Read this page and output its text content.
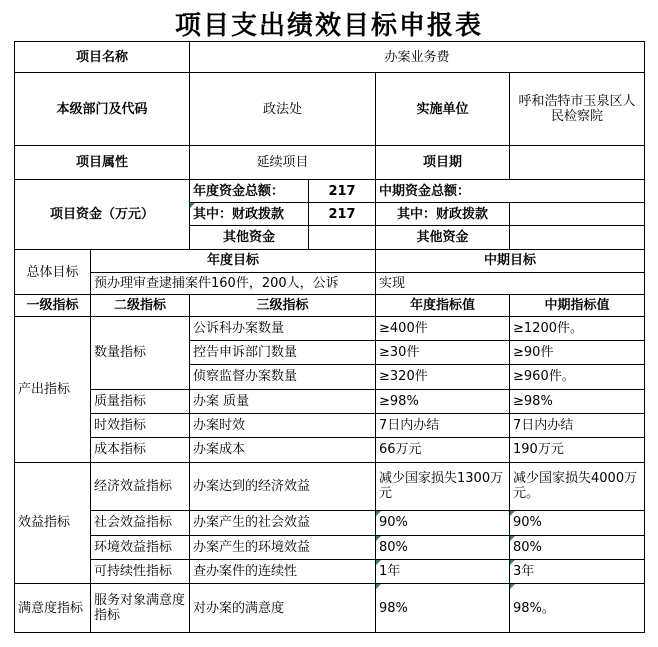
项目支出绩效目标申报表
项目名称		办案业务费			
本级部门及代码		政法处		实施单位	呼和浩特市玉泉区人民检察院
项目属性		延续项目		项目期	
项目资金（万元）		年度资金总额：	217	中期资金总额：	
		其中：财政拨款	217	其中：财政拨款	
		其他资金		其他资金	
总体目标	年度目标			中期目标	
	预办理审查逮捕案件160件，200人，公诉			实现	
一级指标	二级指标	三级指标		年度指标值	中期指标值
产出指标	数量指标	公诉科办案数量		≥400件	≥1200件。
		控告申诉部门数量		≥30件	≥90件
		侦察监督办案数量		≥320件	≥960件。
	质量指标	办案 质量		≥98%	≥98%
	时效指标	办案时效		7日内办结	7日内办结
	成本指标	办案成本		66万元	190万元
效益指标	经济效益指标	办案达到的经济效益		减少国家损失1300万元	减少国家损失4000万元。
	社会效益指标	办案产生的社会效益		90%	90%
	环境效益指标	办案产生的环境效益		80%	80%
	可持续性指标	查办案件的连续性		1年	3年
满意度指标	服务对象满意度指标	对办案的满意度		98%	98%。
